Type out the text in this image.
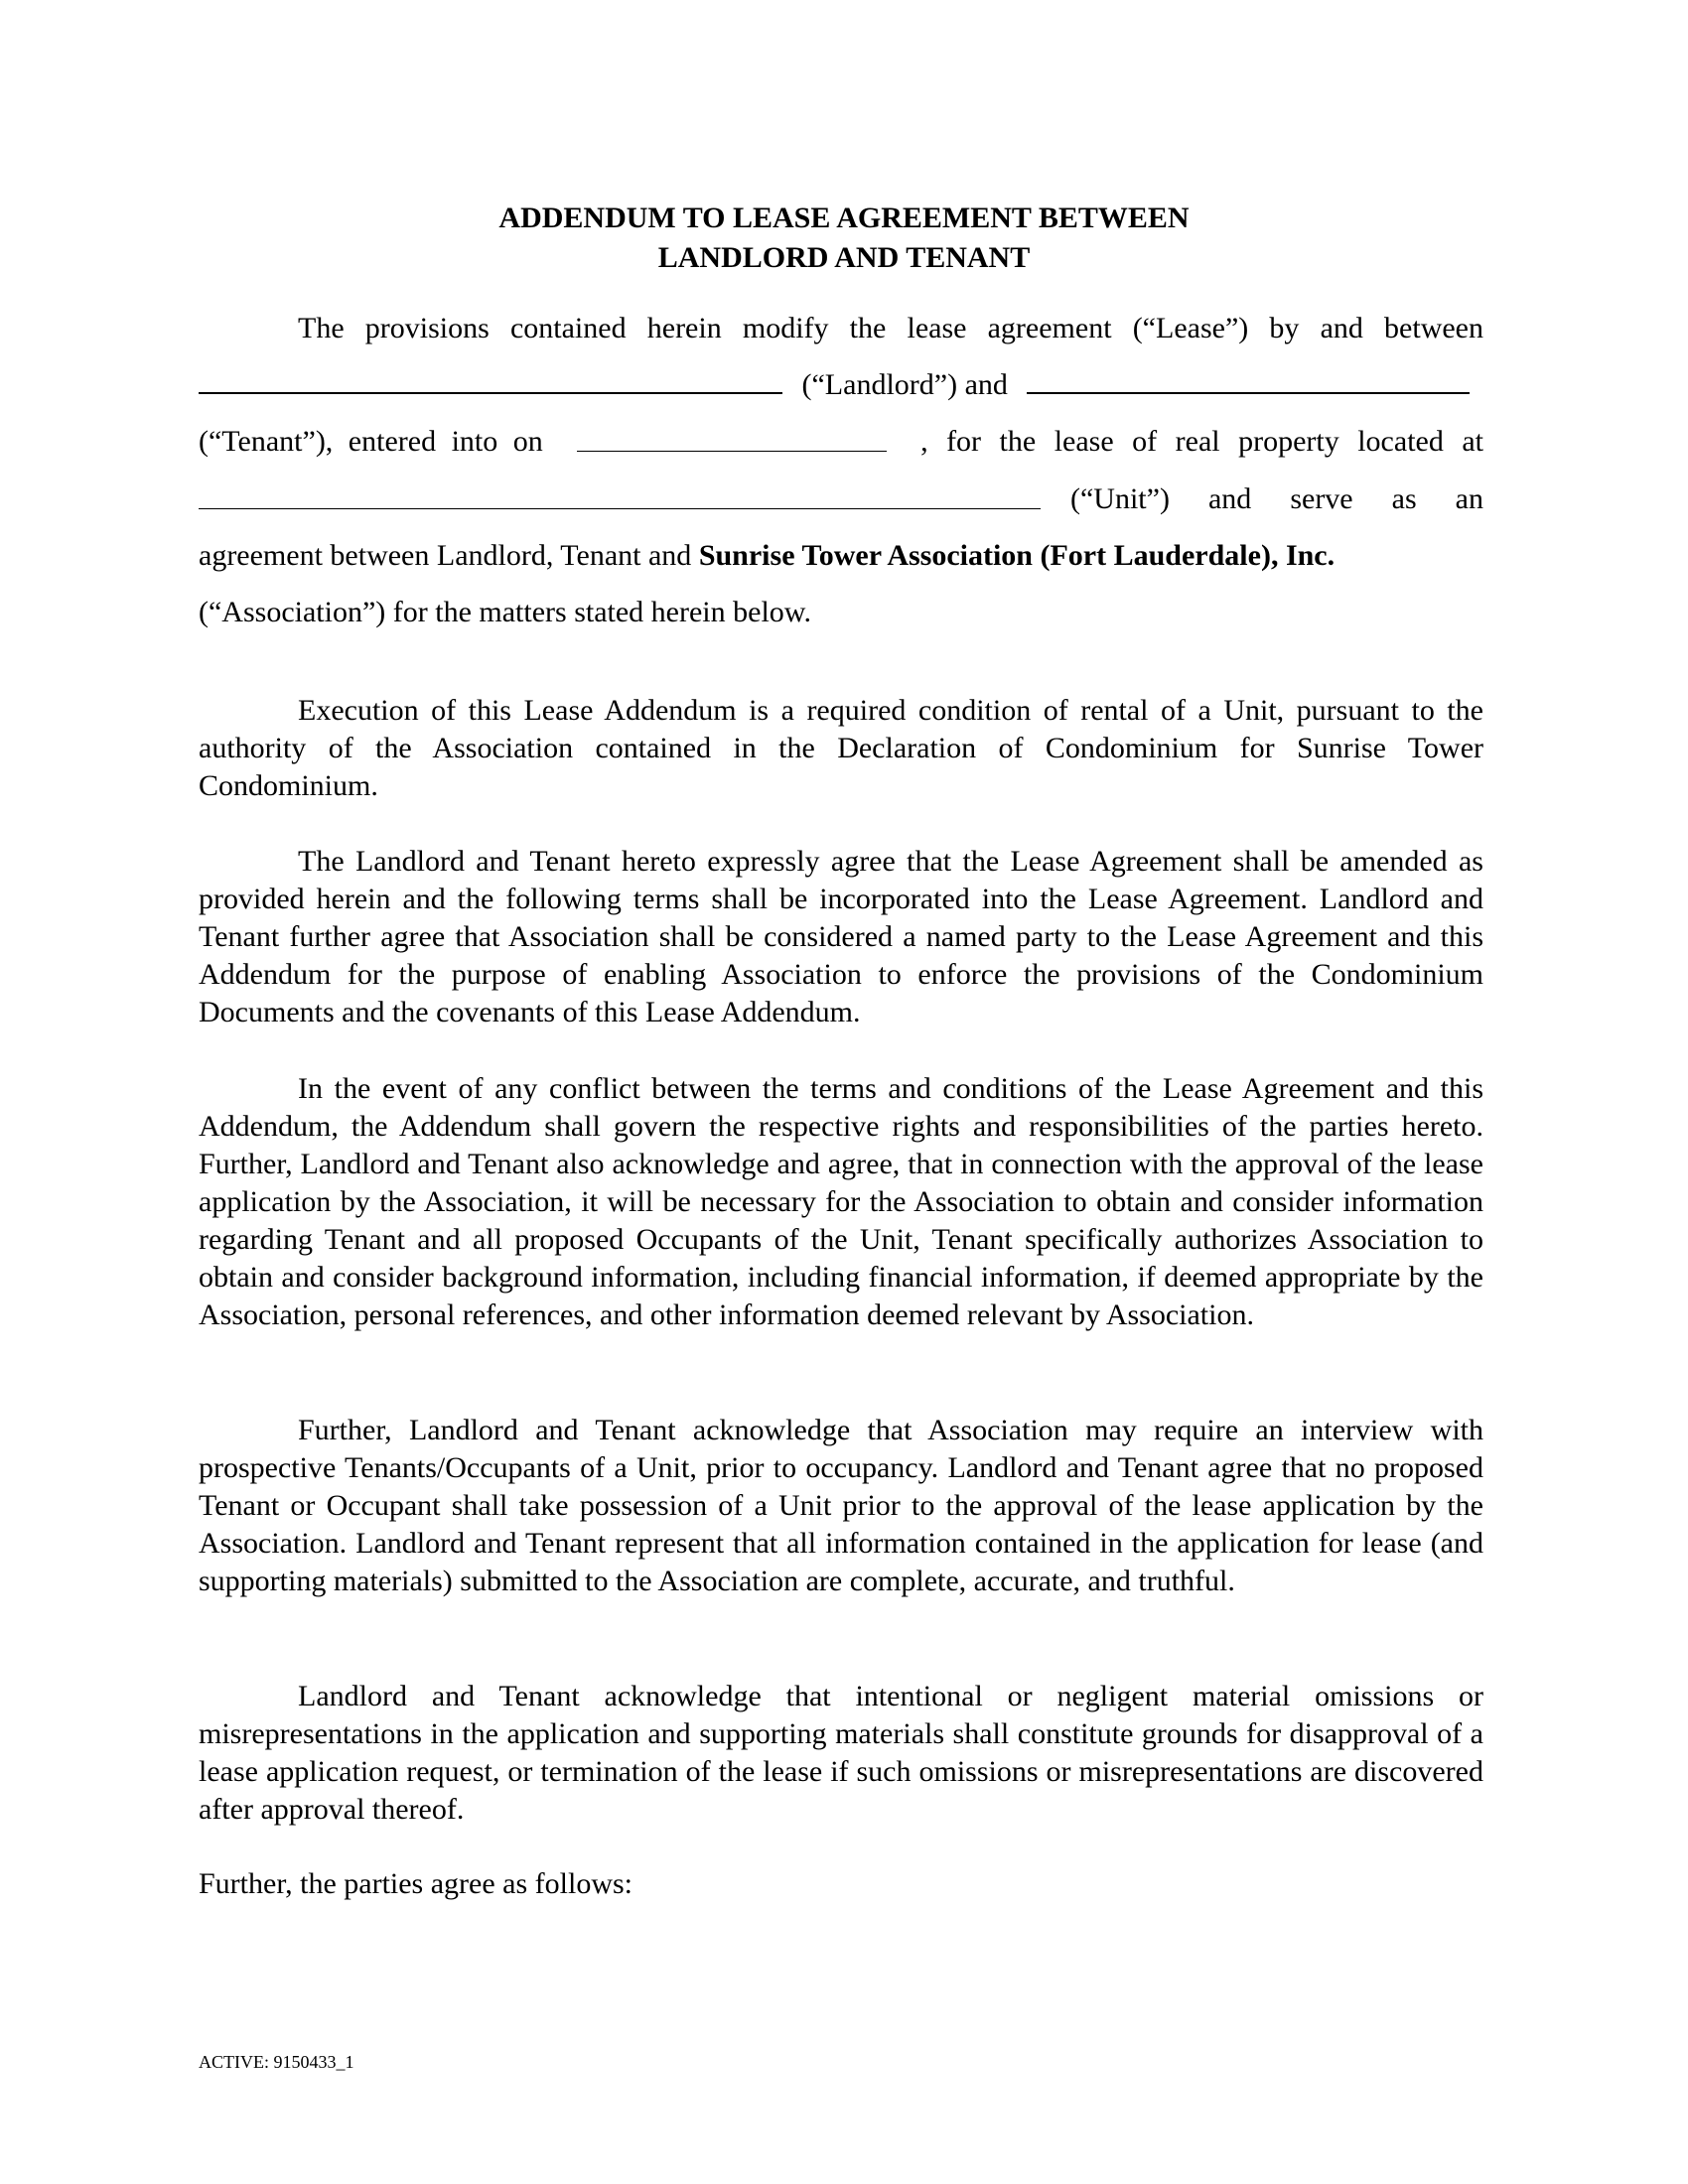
ADDENDUM TO LEASE AGREEMENT BETWEEN
LANDLORD AND TENANT
The provisions contained herein modify the lease agreement (“Lease”) by and between
(“Landlord”) and
(“Tenant”), entered into on	, for the lease of real property located at
(“Unit”) and serve as an
agreement between Landlord, Tenant and Sunrise Tower Association (Fort Lauderdale), Inc.
(“Association”) for the matters stated herein below.

Execution of this Lease Addendum is a required condition of rental of a Unit, pursuant to the authority of the Association contained in the Declaration of Condominium for Sunrise Tower Condominium.

The Landlord and Tenant hereto expressly agree that the Lease Agreement shall be amended as provided herein and the following terms shall be incorporated into the Lease Agreement. Landlord and Tenant further agree that Association shall be considered a named party to the Lease Agreement and this Addendum for the purpose of enabling Association to enforce the provisions of the Condominium Documents and the covenants of this Lease Addendum.

In the event of any conflict between the terms and conditions of the Lease Agreement and this Addendum, the Addendum shall govern the respective rights and responsibilities of the parties hereto. Further, Landlord and Tenant also acknowledge and agree, that in connection with the approval of the lease application by the Association, it will be necessary for the Association to obtain and consider information regarding Tenant and all proposed Occupants of the Unit, Tenant specifically authorizes Association to obtain and consider background information, including financial information, if deemed appropriate by the Association, personal references, and other information deemed relevant by Association.

Further, Landlord and Tenant acknowledge that Association may require an interview with prospective Tenants/Occupants of a Unit, prior to occupancy. Landlord and Tenant agree that no proposed Tenant or Occupant shall take possession of a Unit prior to the approval of the lease application by the Association. Landlord and Tenant represent that all information contained in the application for lease (and supporting materials) submitted to the Association are complete, accurate, and truthful.

Landlord and Tenant acknowledge that intentional or negligent material omissions or misrepresentations in the application and supporting materials shall constitute grounds for disapproval of a lease application request, or termination of the lease if such omissions or misrepresentations are discovered after approval thereof.

Further, the parties agree as follows:
ACTIVE: 9150433_1
